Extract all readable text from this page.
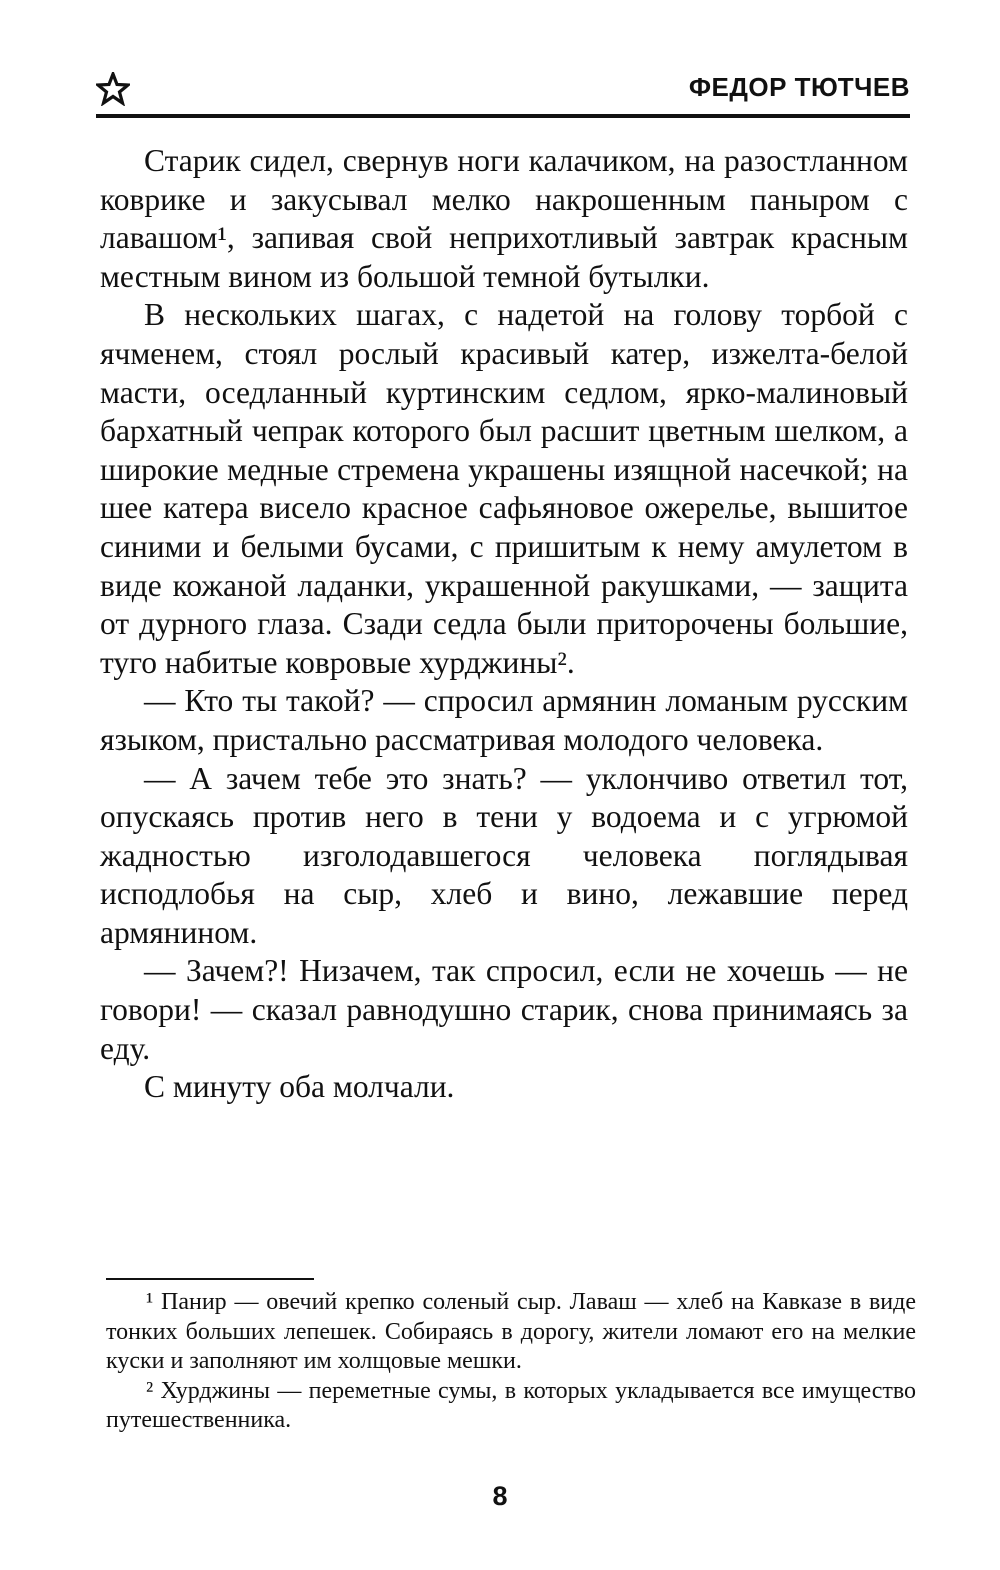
ФЕДОР ТЮТЧЕВ

Старик сидел, свернув ноги калачиком, на разостланном коврике и закусывал мелко накрошенным паныром с лавашом¹, запивая свой неприхотливый завтрак красным местным вином из большой темной бутылки.

В нескольких шагах, с надетой на голову торбой с ячменем, стоял рослый красивый катер, изжелта-белой масти, оседланный куртинским седлом, ярко-малиновый бархатный чепрак которого был расшит цветным шелком, а широкие медные стремена украшены изящной насечкой; на шее катера висело красное сафьяновое ожерелье, вышитое синими и белыми бусами, с пришитым к нему амулетом в виде кожаной ладанки, украшенной ракушками, — защита от дурного глаза. Сзади седла были приторочены большие, туго набитые ковровые хурджины².

— Кто ты такой? — спросил армянин ломаным русским языком, пристально рассматривая молодого человека.

— А зачем тебе это знать? — уклончиво ответил тот, опускаясь против него в тени у водоема и с угрюмой жадностью изголодавшегося человека поглядывая исподлобья на сыр, хлеб и вино, лежавшие перед армянином.

— Зачем?! Низачем, так спросил, если не хочешь — не говори! — сказал равнодушно старик, снова принимаясь за еду.

С минуту оба молчали.

¹ Панир — овечий крепко соленый сыр. Лаваш — хлеб на Кавказе в виде тонких больших лепешек. Собираясь в дорогу, жители ломают его на мелкие куски и заполняют им холщовые мешки.

² Хурджины — переметные сумы, в которых укладывается все имущество путешественника.

8
